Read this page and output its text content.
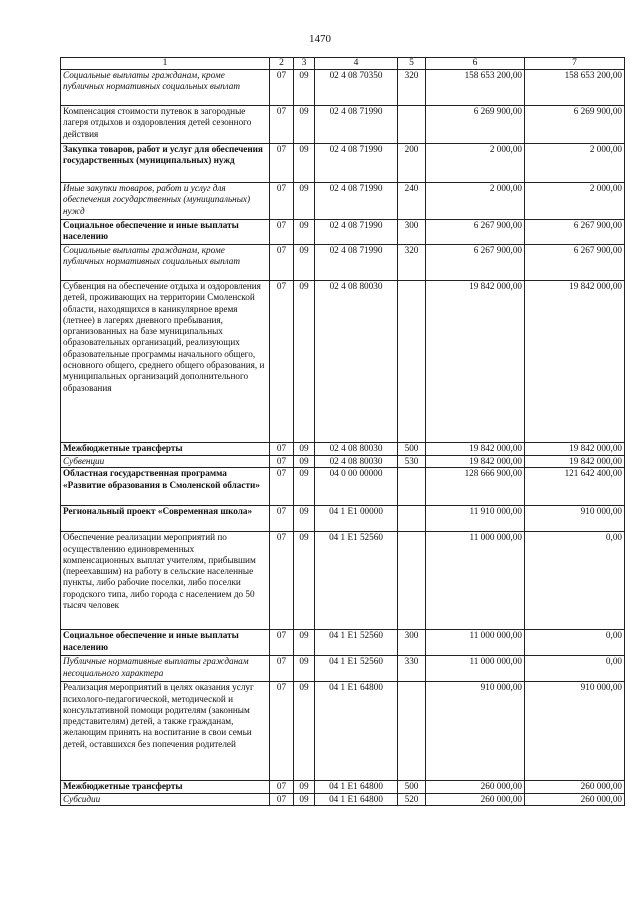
1470
1	2	3	4	5	6	7
Социальные выплаты гражданам, кроме публичных нормативных социальных выплат	07	09	02 4 08 70350	320	158 653 200,00	158 653 200,00
Компенсация стоимости путевок в загородные лагеря отдыхов и оздоровления детей сезонного действия	07	09	02 4 08 71990		6 269 900,00	6 269 900,00
Закупка товаров, работ и услуг для обеспечения государственных (муниципальных) нужд	07	09	02 4 08 71990	200	2 000,00	2 000,00
Иные закупки товаров, работ и услуг для обеспечения государственных (муниципальных) нужд	07	09	02 4 08 71990	240	2 000,00	2 000,00
Социальное обеспечение и иные выплаты населению	07	09	02 4 08 71990	300	6 267 900,00	6 267 900,00
Социальные выплаты гражданам, кроме публичных нормативных социальных выплат	07	09	02 4 08 71990	320	6 267 900,00	6 267 900,00
Субвенция на обеспечение отдыха и оздоровления детей, проживающих на территории Смоленской области, находящихся в каникулярное время (летнее) в лагерях дневного пребывания, организованных на базе муниципальных образовательных организаций, реализующих образовательные программы начального общего, основного общего, среднего общего образования, и муниципальных организаций дополнительного образования	07	09	02 4 08 80030		19 842 000,00	19 842 000,00
Межбюджетные трансферты	07	09	02 4 08 80030	500	19 842 000,00	19 842 000,00
Субвенции	07	09	02 4 08 80030	530	19 842 000,00	19 842 000,00
Областная государственная программа «Развитие образования в Смоленской области»	07	09	04 0 00 00000		128 666 900,00	121 642 400,00
Региональный проект «Современная школа»	07	09	04 1 E1 00000		11 910 000,00	910 000,00
Обеспечение реализации мероприятий по осуществлению единовременных компенсационных выплат учителям, прибывшим (переехавшим) на работу в сельские населенные пункты, либо рабочие поселки, либо поселки городского типа, либо города с населением до 50 тысяч человек	07	09	04 1 E1 52560		11 000 000,00	0,00
Социальное обеспечение и иные выплаты населению	07	09	04 1 E1 52560	300	11 000 000,00	0,00
Публичные нормативные выплаты гражданам несоциального характера	07	09	04 1 E1 52560	330	11 000 000,00	0,00
Реализация мероприятий в целях оказания услуг психолого-педагогической, методической и консультативной помощи родителям (законным представителям) детей, а также гражданам, желающим принять на воспитание в свои семьи детей, оставшихся без попечения родителей	07	09	04 1 E1 64800		910 000,00	910 000,00
Межбюджетные трансферты	07	09	04 1 E1 64800	500	260 000,00	260 000,00
Субсидии	07	09	04 1 E1 64800	520	260 000,00	260 000,00
